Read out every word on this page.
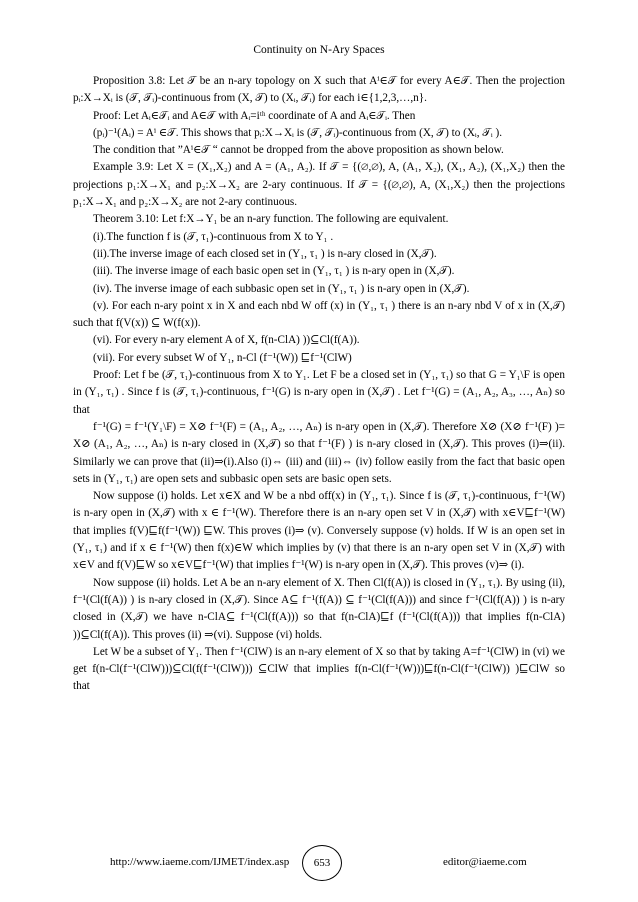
Continuity on N-Ary Spaces

Proposition 3.8: Let 𝒯 be an n-ary topology on X such that Aⁱ∈𝒯 for every A∈𝒯. Then the projection pᵢ:X→Xᵢ is (𝒯, 𝒯ᵢ)-continuous from (X, 𝒯) to (Xᵢ, 𝒯ᵢ) for each i∈{1,2,3,…,n}.

Proof: Let Aᵢ∈𝒯ᵢ and A∈𝒯 with Aᵢ=iᵗʰ coordinate of A and Aᵢ∈𝒯ᵢ. Then

(pᵢ)⁻¹(Aᵢ) = Aⁱ ∈𝒯. This shows that pᵢ:X→Xᵢ is (𝒯, 𝒯ᵢ)-continuous from (X, 𝒯) to (Xᵢ, 𝒯ᵢ ).

The condition that ”Aⁱ∈𝒯 “ cannot be dropped from the above proposition as shown below.

Example 3.9: Let X = (X₁,X₂) and A = (A₁, A₂). If 𝒯 = {(∅,∅), A, (A₁, X₂), (X₁, A₂), (X₁,X₂) then the projections p₁:X→X₁ and p₂:X→X₂ are 2-ary continuous. If 𝒯 = {(∅,∅), A, (X₁,X₂) then the projections p₁:X→X₁ and p₂:X→X₂ are not 2-ary continuous.

Theorem 3.10: Let f:X→Y₁ be an n-ary function. The following are equivalent.

(i).The function f is (𝒯, τ₁)-continuous from X to Y₁ .

(ii).The inverse image of each closed set in (Y₁, τ₁ ) is n-ary closed in (X,𝒯).

(iii). The inverse image of each basic open set in (Y₁, τ₁ ) is n-ary open in (X,𝒯).

(iv). The inverse image of each subbasic open set in (Y₁, τ₁ ) is n-ary open in (X,𝒯).

(v). For each n-ary point x in X and each nbd W off (x) in (Y₁, τ₁ ) there is an n-ary nbd V of x in (X,𝒯) such that f(V(x)) ⊆ W(f(x)).

(vi). For every n-ary element A of X, f(n-ClA) ))⊆Cl(f(A)).

(vii). For every subset W of Y₁, n-Cl (f⁻¹(W)) ⊑f⁻¹(ClW)

Proof: Let f be (𝒯, τ₁)-continuous from X to Y₁. Let F be a closed set in (Y₁, τ₁) so that G = Y₁\F is open in (Y₁, τ₁) . Since f is (𝒯, τ₁)-continuous, f⁻¹(G) is n-ary open in (X,𝒯) . Let f⁻¹(G) = (A₁, A₂, A₃, …, Aₙ) so that

f⁻¹(G) = f⁻¹(Y₁\F) = X⊘ f⁻¹(F) = (A₁, A₂, …, Aₙ) is n-ary open in (X,𝒯). Therefore X⊘ (X⊘ f⁻¹(F) )= X⊘ (A₁, A₂, …, Aₙ) is n-ary closed in (X,𝒯) so that f⁻¹(F) ) is n-ary closed in (X,𝒯). This proves (i)⇒(ii). Similarly we can prove that (ii)⇒(i).Also (i)⇔ (iii) and (iii)⇔ (iv) follow easily from the fact that basic open sets in (Y₁, τ₁) are open sets and subbasic open sets are basic open sets.

Now suppose (i) holds. Let x∈X and W be a nbd off(x) in (Y₁, τ₁). Since f is (𝒯, τ₁)-continuous, f⁻¹(W) is n-ary open in (X,𝒯) with x ∈ f⁻¹(W). Therefore there is an n-ary open set V in (X,𝒯) with x∈V⊑f⁻¹(W) that implies f(V)⊑f(f⁻¹(W)) ⊑W. This proves (i)⇒ (v). Conversely suppose (v) holds. If W is an open set in (Y₁, τ₁) and if x ∈ f⁻¹(W) then f(x)∈W which implies by (v) that there is an n-ary open set V in (X,𝒯) with x∈V and f(V)⊑W so x∈V⊑f⁻¹(W) that implies f⁻¹(W) is n-ary open in (X,𝒯). This proves (v)⇒ (i).

Now suppose (ii) holds. Let A be an n-ary element of X. Then Cl(f(A)) is closed in (Y₁, τ₁). By using (ii), f⁻¹(Cl(f(A)) ) is n-ary closed in (X,𝒯). Since A⊆ f⁻¹(f(A)) ⊆ f⁻¹(Cl(f(A))) and since f⁻¹(Cl(f(A)) ) is n-ary closed in (X,𝒯) we have n-ClA⊆ f⁻¹(Cl(f(A))) so that f(n-ClA)⊑f (f⁻¹(Cl(f(A))) that implies f(n-ClA) ))⊆Cl(f(A)). This proves (ii) ⇒(vi). Suppose (vi) holds.

Let W be a subset of Y₁. Then f⁻¹(ClW) is an n-ary element of X so that by taking A=f⁻¹(ClW) in (vi) we get f(n-Cl(f⁻¹(ClW)))⊆Cl(f(f⁻¹(ClW))) ⊆ClW that implies f(n-Cl(f⁻¹(W)))⊑f(n-Cl(f⁻¹(ClW)) )⊑ClW so that

http://www.iaeme.com/IJMET/index.asp	653	editor@iaeme.com
